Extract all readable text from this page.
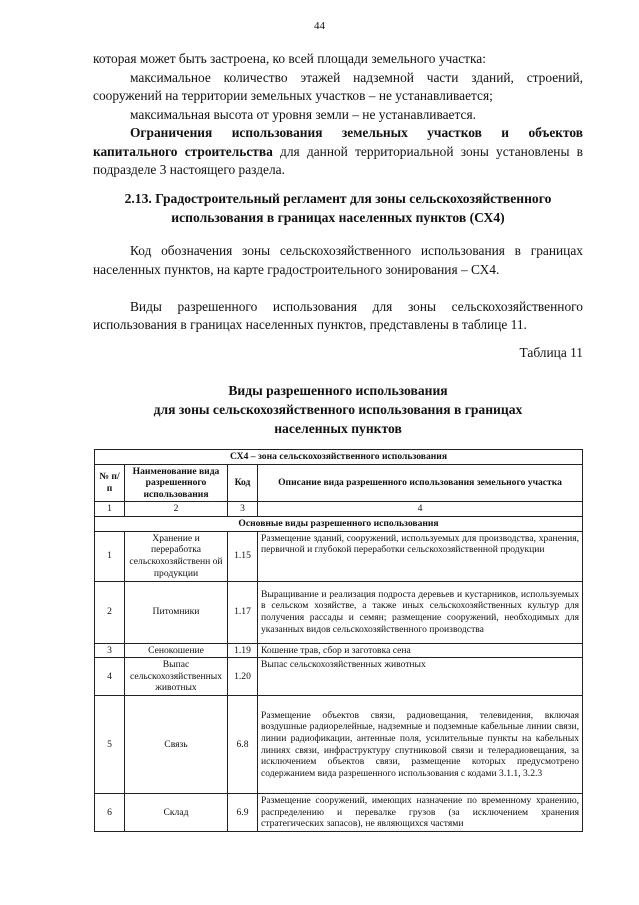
44
которая может быть застроена, ко всей площади земельного участка:
максимальное количество этажей надземной части зданий, строений, сооружений на территории земельных участков – не устанавливается;
максимальная высота от уровня земли – не устанавливается.
Ограничения использования земельных участков и объектов капитального строительства для данной территориальной зоны установлены в подразделе 3 настоящего раздела.
2.13. Градостроительный регламент для зоны сельскохозяйственного использования в границах населенных пунктов (СХ4)
Код обозначения зоны сельскохозяйственного использования в границах населенных пунктов, на карте градостроительного зонирования – СХ4.
Виды разрешенного использования для зоны сельскохозяйственного использования в границах населенных пунктов, представлены в таблице 11.
Таблица 11
Виды разрешенного использования
для зоны сельскохозяйственного использования в границах
населенных пунктов
СХ4 – зона сельскохозяйственного использования			
№ п/п	Наименование вида разрешенного использования	Код	Описание вида разрешенного использования земельного участка
1	2	3	4
Основные виды разрешенного использования			
1	Хранение и переработка сельскохозяйственн ой продукции	1.15	Размещение зданий, сооружений, используемых для производства, хранения, первичной и глубокой переработки сельскохозяйственной продукции
2	Питомники	1.17	Выращивание и реализация подроста деревьев и кустарников, используемых в сельском хозяйстве, а также иных сельскохозяйственных культур для получения рассады и семян; размещение сооружений, необходимых для указанных видов сельскохозяйственного производства
3	Сенокошение	1.19	Кошение трав, сбор и заготовка сена
4	Выпас сельскохозяйственных животных	1.20	Выпас сельскохозяйственных животных
5	Связь	6.8	Размещение объектов связи, радиовещания, телевидения, включая воздушные радиорелейные, надземные и подземные кабельные линии связи, линии радиофикации, антенные поля, усилительные пункты на кабельных линиях связи, инфраструктуру спутниковой связи и телерадиовещания, за исключением объектов связи, размещение которых предусмотрено содержанием вида разрешенного использования с кодами 3.1.1, 3.2.3
6	Склад	6.9	Размещение сооружений, имеющих назначение по временному хранению, распределению и перевалке грузов (за исключением хранения стратегических запасов), не являющихся частями
